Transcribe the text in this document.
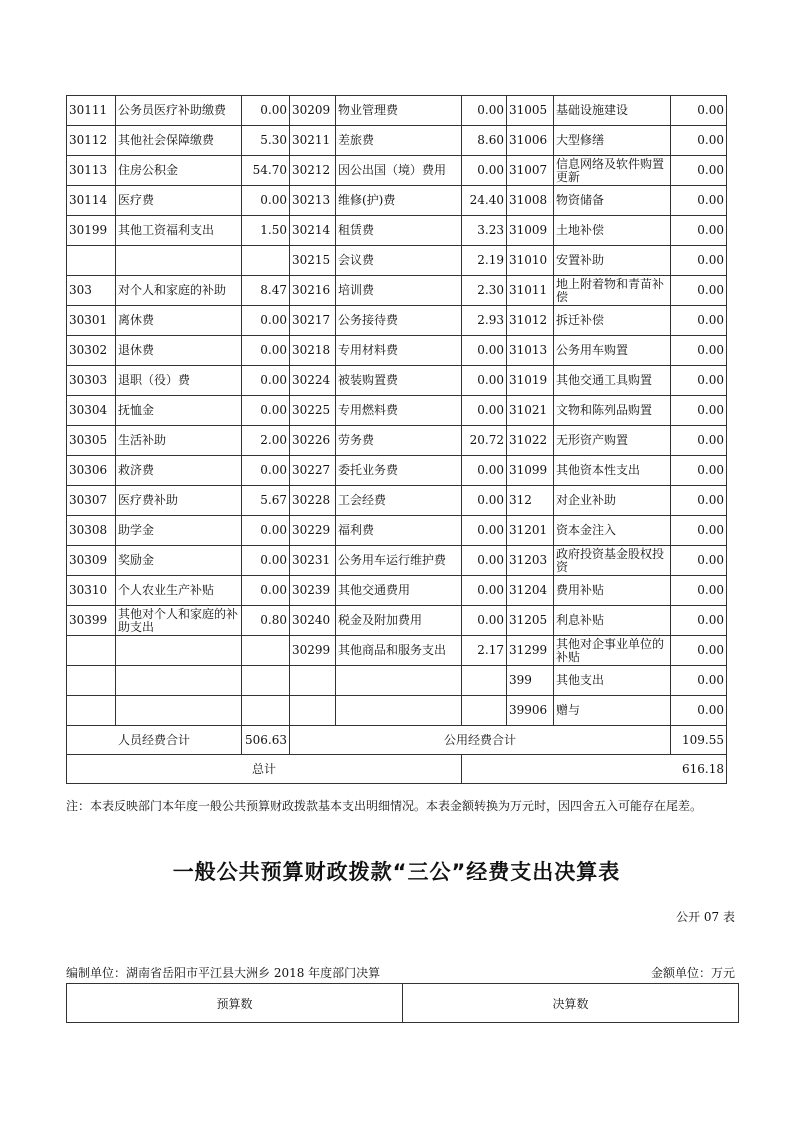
30111	公务员医疗补助缴费	0.00	30209	物业管理费	0.00	31005	基础设施建设	0.00
30112	其他社会保障缴费	5.30	30211	差旅费	8.60	31006	大型修缮	0.00
30113	住房公积金	54.70	30212	因公出国（境）费用	0.00	31007	信息网络及软件购置更新	0.00
30114	医疗费	0.00	30213	维修(护)费	24.40	31008	物资储备	0.00
30199	其他工资福利支出	1.50	30214	租赁费	3.23	31009	土地补偿	0.00
			30215	会议费	2.19	31010	安置补助	0.00
303	对个人和家庭的补助	8.47	30216	培训费	2.30	31011	地上附着物和青苗补偿	0.00
30301	离休费	0.00	30217	公务接待费	2.93	31012	拆迁补偿	0.00
30302	退休费	0.00	30218	专用材料费	0.00	31013	公务用车购置	0.00
30303	退职（役）费	0.00	30224	被装购置费	0.00	31019	其他交通工具购置	0.00
30304	抚恤金	0.00	30225	专用燃料费	0.00	31021	文物和陈列品购置	0.00
30305	生活补助	2.00	30226	劳务费	20.72	31022	无形资产购置	0.00
30306	救济费	0.00	30227	委托业务费	0.00	31099	其他资本性支出	0.00
30307	医疗费补助	5.67	30228	工会经费	0.00	312	对企业补助	0.00
30308	助学金	0.00	30229	福利费	0.00	31201	资本金注入	0.00
30309	奖励金	0.00	30231	公务用车运行维护费	0.00	31203	政府投资基金股权投资	0.00
30310	个人农业生产补贴	0.00	30239	其他交通费用	0.00	31204	费用补贴	0.00
30399	其他对个人和家庭的补助支出	0.80	30240	税金及附加费用	0.00	31205	利息补贴	0.00
			30299	其他商品和服务支出	2.17	31299	其他对企事业单位的补贴	0.00
						399	其他支出	0.00
						39906	赠与	0.00
人员经费合计		506.63	公用经费合计					109.55
总计					616.18			
注：本表反映部门本年度一般公共预算财政拨款基本支出明细情况。本表金额转换为万元时，因四舍五入可能存在尾差。
一般公共预算财政拨款“三公”经费支出决算表
公开 07 表
编制单位：湖南省岳阳市平江县大洲乡 2018 年度部门决算	金额单位：万元
预算数	决算数
